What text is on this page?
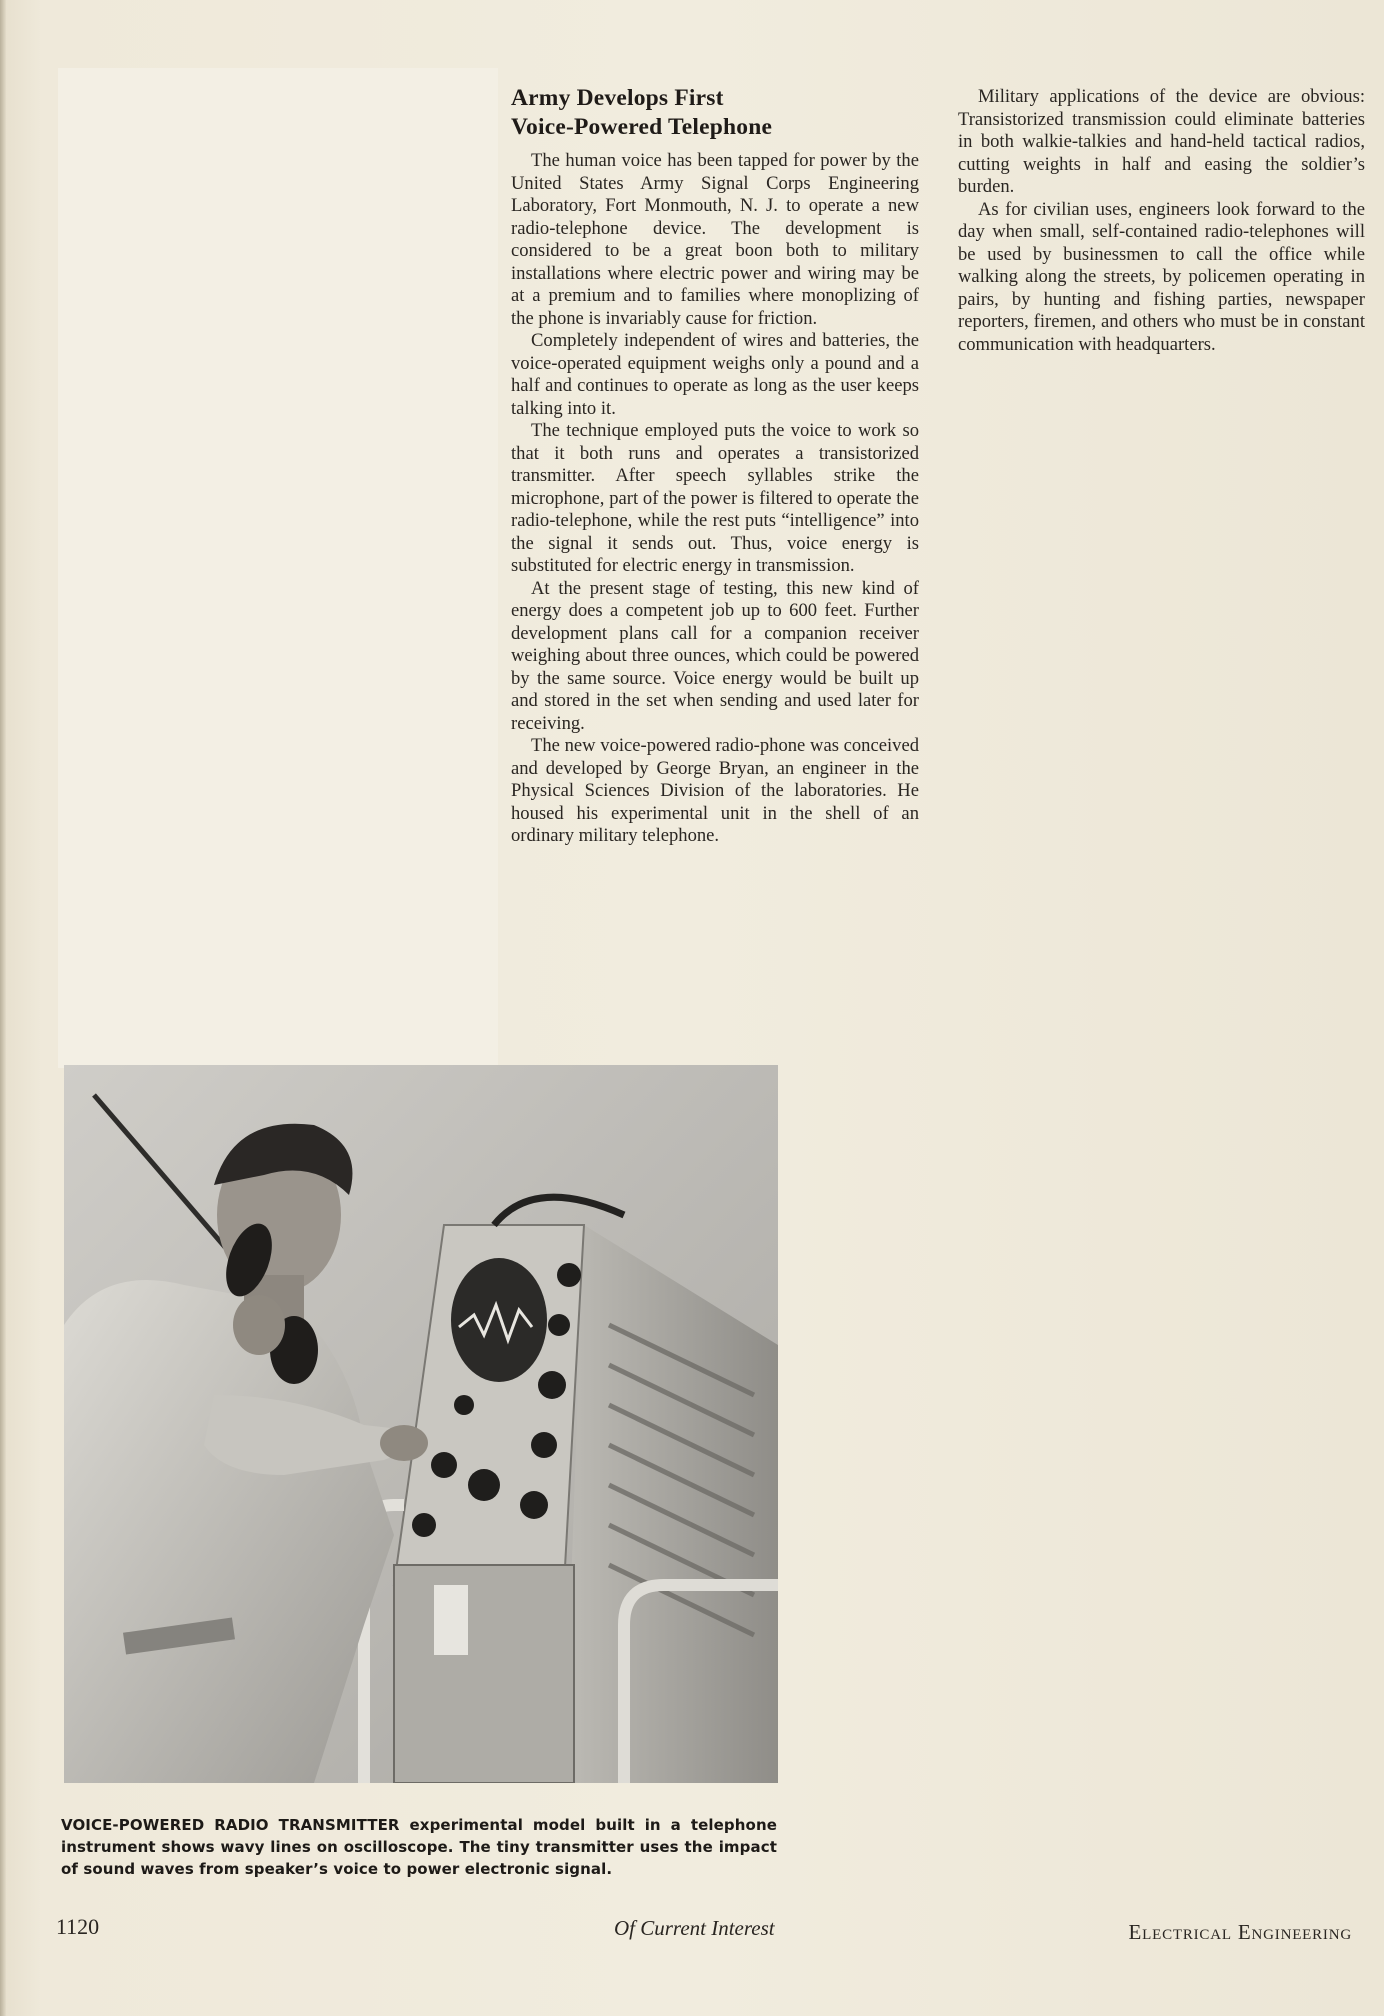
Army Develops First
Voice-Powered Telephone

The human voice has been tapped for power by the United States Army Signal Corps Engineering Laboratory, Fort Monmouth, N. J. to operate a new radio-telephone device. The development is considered to be a great boon both to military installations where electric power and wiring may be at a premium and to families where monoplizing of the phone is invariably cause for friction.

Completely independent of wires and batteries, the voice-operated equipment weighs only a pound and a half and continues to operate as long as the user keeps talking into it.

The technique employed puts the voice to work so that it both runs and operates a transistorized transmitter. After speech syllables strike the microphone, part of the power is filtered to operate the radio-telephone, while the rest puts “intelligence” into the signal it sends out. Thus, voice energy is substituted for electric energy in transmission.

At the present stage of testing, this new kind of energy does a competent job up to 600 feet. Further development plans call for a companion receiver weighing about three ounces, which could be powered by the same source. Voice energy would be built up and stored in the set when sending and used later for receiving.

The new voice-powered radio-phone was conceived and developed by George Bryan, an engineer in the Physical Sciences Division of the laboratories. He housed his experimental unit in the shell of an ordinary military telephone.

Military applications of the device are obvious: Transistorized transmission could eliminate batteries in both walkie-talkies and hand-held tactical radios, cutting weights in half and easing the soldier’s burden.

As for civilian uses, engineers look forward to the day when small, self-contained radio-telephones will be used by businessmen to call the office while walking along the streets, by policemen operating in pairs, by hunting and fishing parties, newspaper reporters, firemen, and others who must be in constant communication with headquarters.

VOICE-POWERED RADIO TRANSMITTER experimental model built in a telephone instrument shows wavy lines on oscilloscope. The tiny transmitter uses the impact of sound waves from speaker’s voice to power electronic signal.
1120	Of Current Interest	Electrical Engineering
